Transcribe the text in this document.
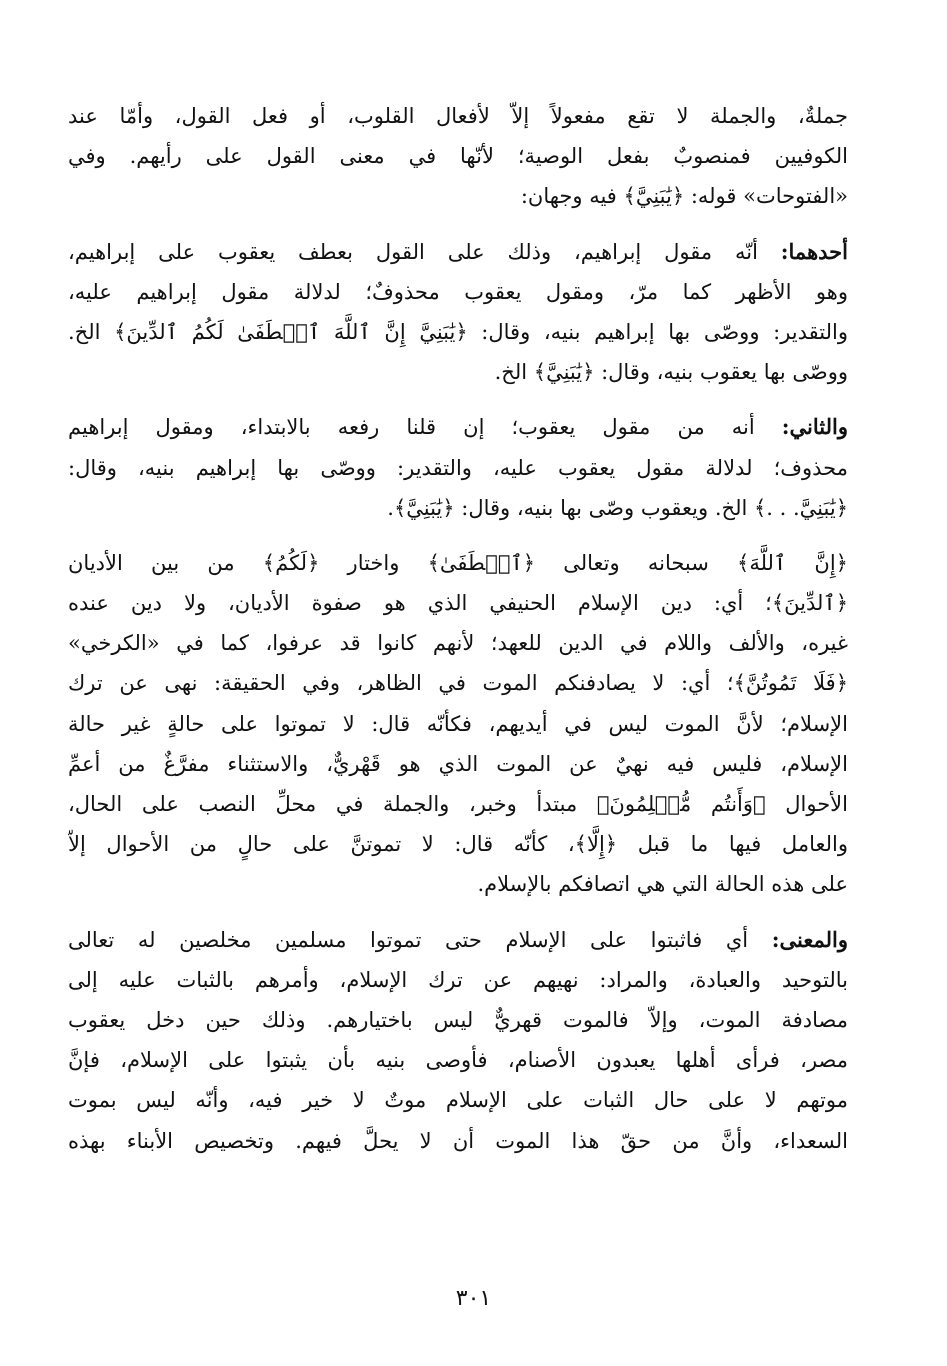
جملةٌ، والجملة لا تقع مفعولاً إلاّ لأفعال القلوب، أو فعل القول، وأمّا عند
الكوفيين فمنصوبٌ بفعل الوصية؛ لأنّها في معنى القول على رأيهم. وفي
«الفتوحات» قوله: ﴿يَٰبَنِيَّ﴾ فيه وجهان:
أحدهما: أنّه مقول إبراهيم، وذلك على القول بعطف يعقوب على إبراهيم،
وهو الأظهر كما مرّ، ومقول يعقوب محذوفٌ؛ لدلالة مقول إبراهيم عليه،
والتقدير: ووصّى بها إبراهيم بنيه، وقال: ﴿يَٰبَنِيَّ إِنَّ ٱللَّهَ ٱصۡطَفَىٰ لَكُمُ ٱلدِّينَ﴾ الخ.
ووصّى بها يعقوب بنيه، وقال: ﴿يَٰبَنِيَّ﴾ الخ.
والثاني: أنه من مقول يعقوب؛ إن قلنا رفعه بالابتداء، ومقول إبراهيم
محذوف؛ لدلالة مقول يعقوب عليه، والتقدير: ووصّى بها إبراهيم بنيه، وقال:
﴿يَٰبَنِيَّ. . .﴾ الخ. ويعقوب وصّى بها بنيه، وقال: ﴿يَٰبَنِيَّ﴾.
﴿إِنَّ ٱللَّهَ﴾ سبحانه وتعالى ﴿ٱصۡطَفَىٰ﴾ واختار ﴿لَكُمُ﴾ من بين الأديان
﴿ٱلدِّينَ﴾؛ أي: دين الإسلام الحنيفي الذي هو صفوة الأديان، ولا دين عنده
غيره، والألف واللام في الدين للعهد؛ لأنهم كانوا قد عرفوا، كما في «الكرخي»
﴿فَلَا تَمُوتُنَّ﴾؛ أي: لا يصادفنكم الموت في الظاهر، وفي الحقيقة: نهى عن ترك
الإسلام؛ لأنَّ الموت ليس في أيديهم، فكأنّه قال: لا تموتوا على حالةٍ غير حالة
الإسلام، فليس فيه نهيٌ عن الموت الذي هو قَهْريٌّ، والاستثناء مفرَّغٌ من أعمِّ
الأحوال ﴿وَأَنتُم مُّسۡلِمُونَ﴾ مبتدأ وخبر، والجملة في محلِّ النصب على الحال،
والعامل فيها ما قبل ﴿إِلَّا﴾، كأنّه قال: لا تموتنَّ على حالٍ من الأحوال إلاّ
على هذه الحالة التي هي اتصافكم بالإسلام.
والمعنى: أي فاثبتوا على الإسلام حتى تموتوا مسلمين مخلصين له تعالى
بالتوحيد والعبادة، والمراد: نهيهم عن ترك الإسلام، وأمرهم بالثبات عليه إلى
مصادفة الموت، وإلاّ فالموت قهريٌّ ليس باختيارهم. وذلك حين دخل يعقوب
مصر، فرأى أهلها يعبدون الأصنام، فأوصى بنيه بأن يثبتوا على الإسلام، فإنَّ
موتهم لا على حال الثبات على الإسلام موتٌ لا خير فيه، وأنّه ليس بموت
السعداء، وأنَّ من حقّ هذا الموت أن لا يحلَّ فيهم. وتخصيص الأبناء بهذه
٣٠١
